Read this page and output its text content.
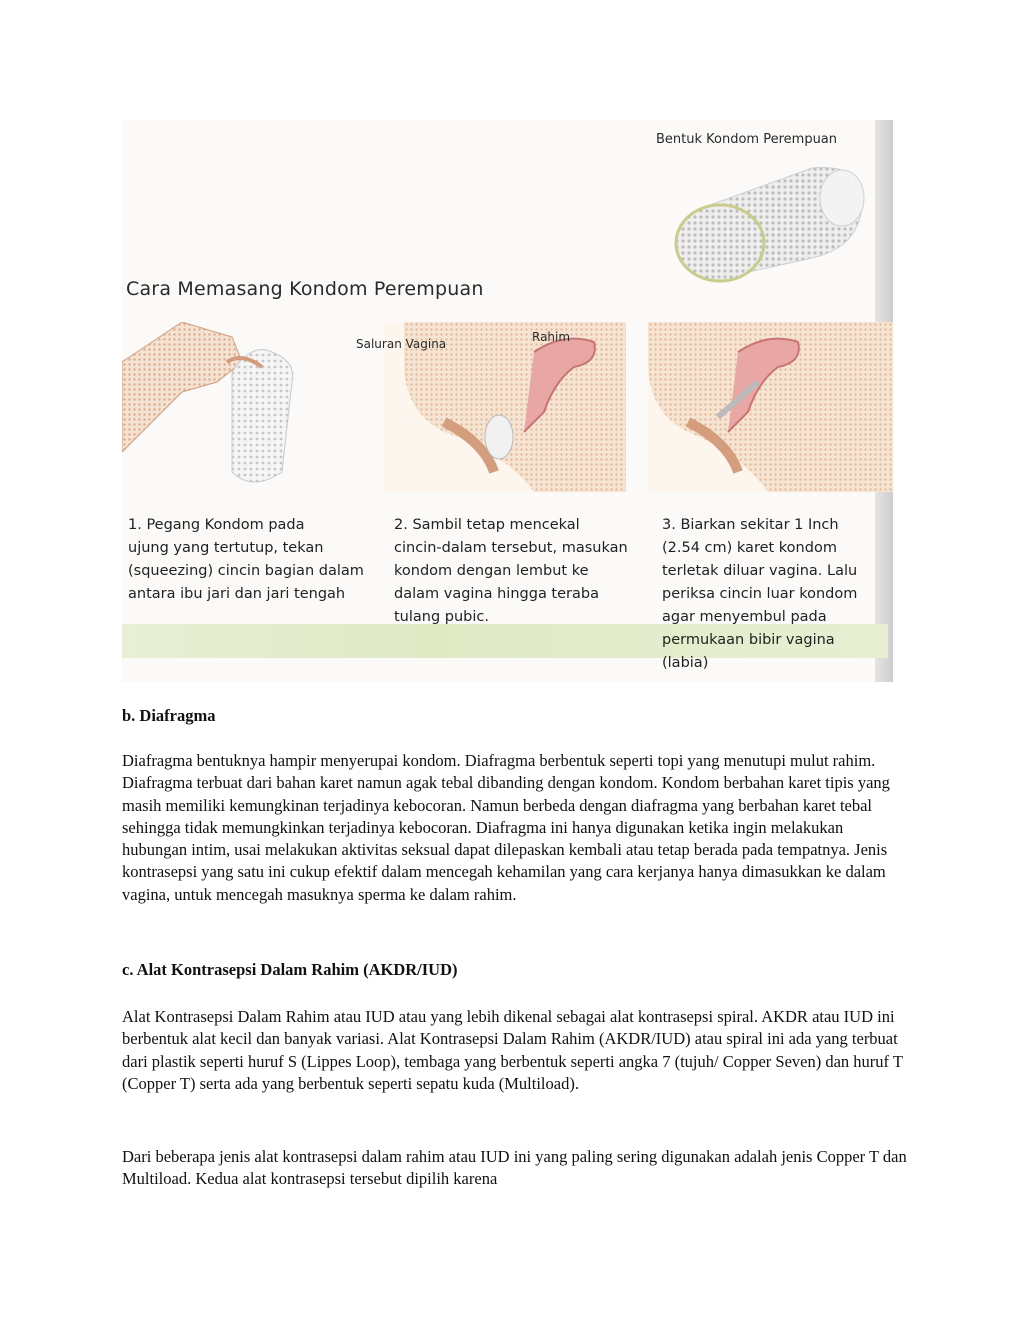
Bentuk Kondom Perempuan
Cara Memasang Kondom Perempuan
Saluran Vagina	Rahim
1. Pegang Kondom pada
ujung yang tertutup, tekan
(squeezing) cincin bagian dalam
antara ibu jari dan jari tengah
2. Sambil tetap mencekal
cincin-dalam tersebut, masukan
kondom dengan lembut ke
dalam vagina hingga teraba
tulang pubic.
3. Biarkan sekitar 1 Inch
(2.54 cm) karet kondom
terletak diluar vagina. Lalu
periksa cincin luar kondom
agar menyembul pada
permukaan bibir vagina
(labia)
b. Diafragma
Diafragma bentuknya hampir menyerupai kondom. Diafragma berbentuk seperti topi yang menutupi mulut rahim. Diafragma terbuat dari bahan karet namun agak tebal dibanding dengan kondom. Kondom berbahan karet tipis yang masih memiliki kemungkinan terjadinya kebocoran. Namun berbeda dengan diafragma yang berbahan karet tebal sehingga tidak memungkinkan terjadinya kebocoran. Diafragma ini hanya digunakan ketika ingin melakukan hubungan intim, usai melakukan aktivitas seksual dapat dilepaskan kembali atau tetap berada pada tempatnya. Jenis kontrasepsi yang satu ini cukup efektif dalam mencegah kehamilan yang cara kerjanya hanya dimasukkan ke dalam vagina, untuk mencegah masuknya sperma ke dalam rahim.
c. Alat Kontrasepsi Dalam Rahim (AKDR/IUD)
Alat Kontrasepsi Dalam Rahim atau IUD atau yang lebih dikenal sebagai alat kontrasepsi spiral. AKDR atau IUD ini berbentuk alat kecil dan banyak variasi. Alat Kontrasepsi Dalam Rahim (AKDR/IUD) atau spiral ini ada yang terbuat dari plastik seperti huruf S (Lippes Loop), tembaga yang berbentuk seperti angka 7 (tujuh/ Copper Seven) dan huruf T (Copper T) serta ada yang berbentuk seperti sepatu kuda (Multiload).
Dari beberapa jenis alat kontrasepsi dalam rahim atau IUD ini yang paling sering digunakan adalah jenis Copper T dan Multiload. Kedua alat kontrasepsi tersebut dipilih karena
